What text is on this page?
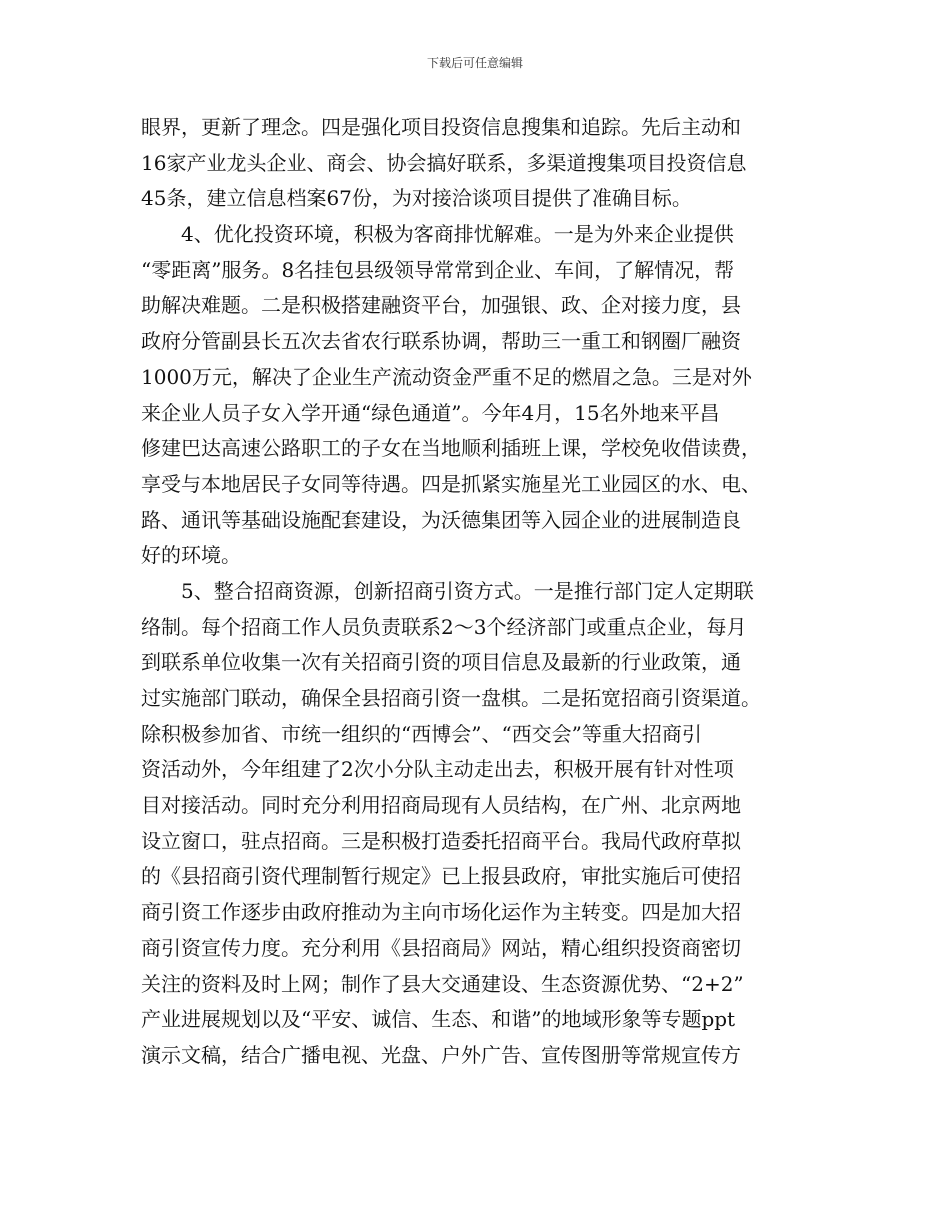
下载后可任意编辑
眼界，更新了理念。四是强化项目投资信息搜集和追踪。先后主动和
16家产业龙头企业、商会、协会搞好联系，多渠道搜集项目投资信息
45条，建立信息档案67份，为对接洽谈项目提供了准确目标。
4、优化投资环境，积极为客商排忧解难。一是为外来企业提供
“零距离”服务。8名挂包县级领导常常到企业、车间，了解情况，帮
助解决难题。二是积极搭建融资平台，加强银、政、企对接力度，县
政府分管副县长五次去省农行联系协调，帮助三一重工和钢圈厂融资
1000万元，解决了企业生产流动资金严重不足的燃眉之急。三是对外
来企业人员子女入学开通“绿色通道”。今年4月，15名外地来平昌
修建巴达高速公路职工的子女在当地顺利插班上课，学校免收借读费，
享受与本地居民子女同等待遇。四是抓紧实施星光工业园区的水、电、
路、通讯等基础设施配套建设，为沃德集团等入园企业的进展制造良
好的环境。
5、整合招商资源，创新招商引资方式。一是推行部门定人定期联
络制。每个招商工作人员负责联系2～3个经济部门或重点企业，每月
到联系单位收集一次有关招商引资的项目信息及最新的行业政策，通
过实施部门联动，确保全县招商引资一盘棋。二是拓宽招商引资渠道。
除积极参加省、市统一组织的“西博会”、“西交会”等重大招商引
资活动外，今年组建了2次小分队主动走出去，积极开展有针对性项
目对接活动。同时充分利用招商局现有人员结构，在广州、北京两地
设立窗口，驻点招商。三是积极打造委托招商平台。我局代政府草拟
的《县招商引资代理制暂行规定》已上报县政府，审批实施后可使招
商引资工作逐步由政府推动为主向市场化运作为主转变。四是加大招
商引资宣传力度。充分利用《县招商局》网站，精心组织投资商密切
关注的资料及时上网；制作了县大交通建设、生态资源优势、“2+2”
产业进展规划以及“平安、诚信、生态、和谐”的地域形象等专题ppt
演示文稿，结合广播电视、光盘、户外广告、宣传图册等常规宣传方
